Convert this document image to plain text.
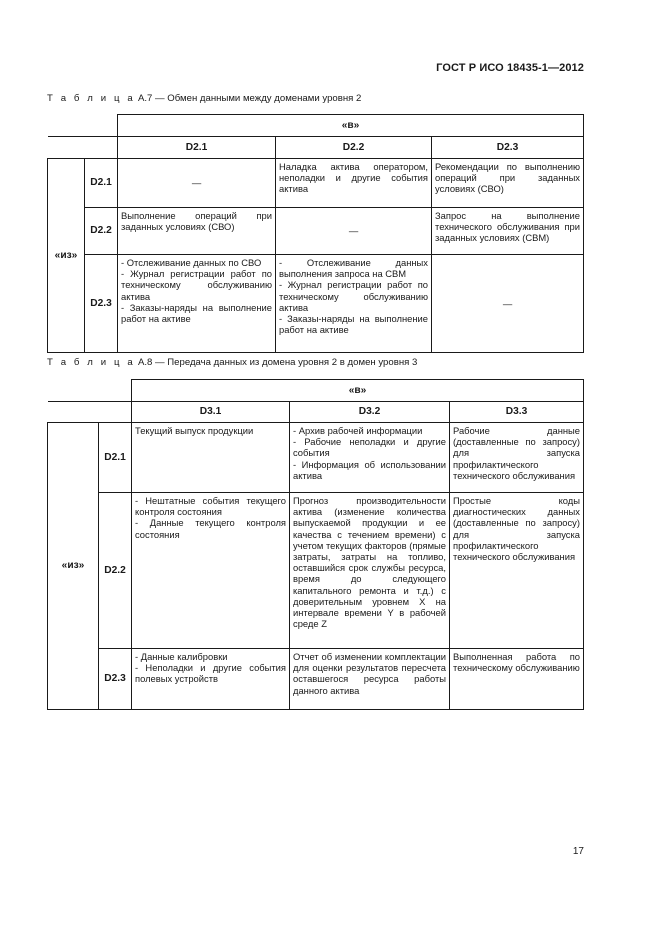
ГОСТ Р ИСО 18435-1—2012
Т а б л и ц а А.7 — Обмен данными между доменами уровня 2
		«в»		
		D2.1	D2.2	D2.3
«из»	D2.1	—	Наладка актива оператором, неполадки и другие события актива	Рекомендации по выполнению операций при заданных условиях (СВО)
	D2.2	Выполнение операций при заданных условиях (СВО)	—	Запрос на выполнение технического обслуживания при заданных условиях (СВМ)
	D2.3	- Отслеживание данных по СВО
- Журнал регистрации работ по техническому обслуживанию актива
- Заказы-наряды на выполнение работ на активе	- Отслеживание данных выполнения запроса на СВМ
- Журнал регистрации работ по техническому обслуживанию актива
- Заказы-наряды на выполнение работ на активе	—
Т а б л и ц а А.8 — Передача данных из домена уровня 2 в домен уровня 3
		«в»		
		D3.1	D3.2	D3.3
«из»	D2.1	Текущий выпуск продукции	- Архив рабочей информации
- Рабочие неполадки и другие события
- Информация об использовании актива	Рабочие данные (доставленные по запросу) для запуска профилактического технического обслуживания
	D2.2	- Нештатные события текущего контроля состояния
- Данные текущего контроля состояния	Прогноз производительности актива (изменение количества выпускаемой продукции и ее качества с течением времени) с учетом текущих факторов (прямые затраты, затраты на топливо, оставшийся срок службы ресурса, время до следующего капитального ремонта и т.д.) с доверительным уровнем X на интервале времени Y в рабочей среде Z	Простые коды диагностических данных (доставленные по запросу) для запуска профилактического технического обслуживания
	D2.3	- Данные калибровки
- Неполадки и другие события полевых устройств	Отчет об изменении комплектации для оценки результатов пересчета оставшегося ресурса работы данного актива	Выполненная работа по техническому обслуживанию
17
